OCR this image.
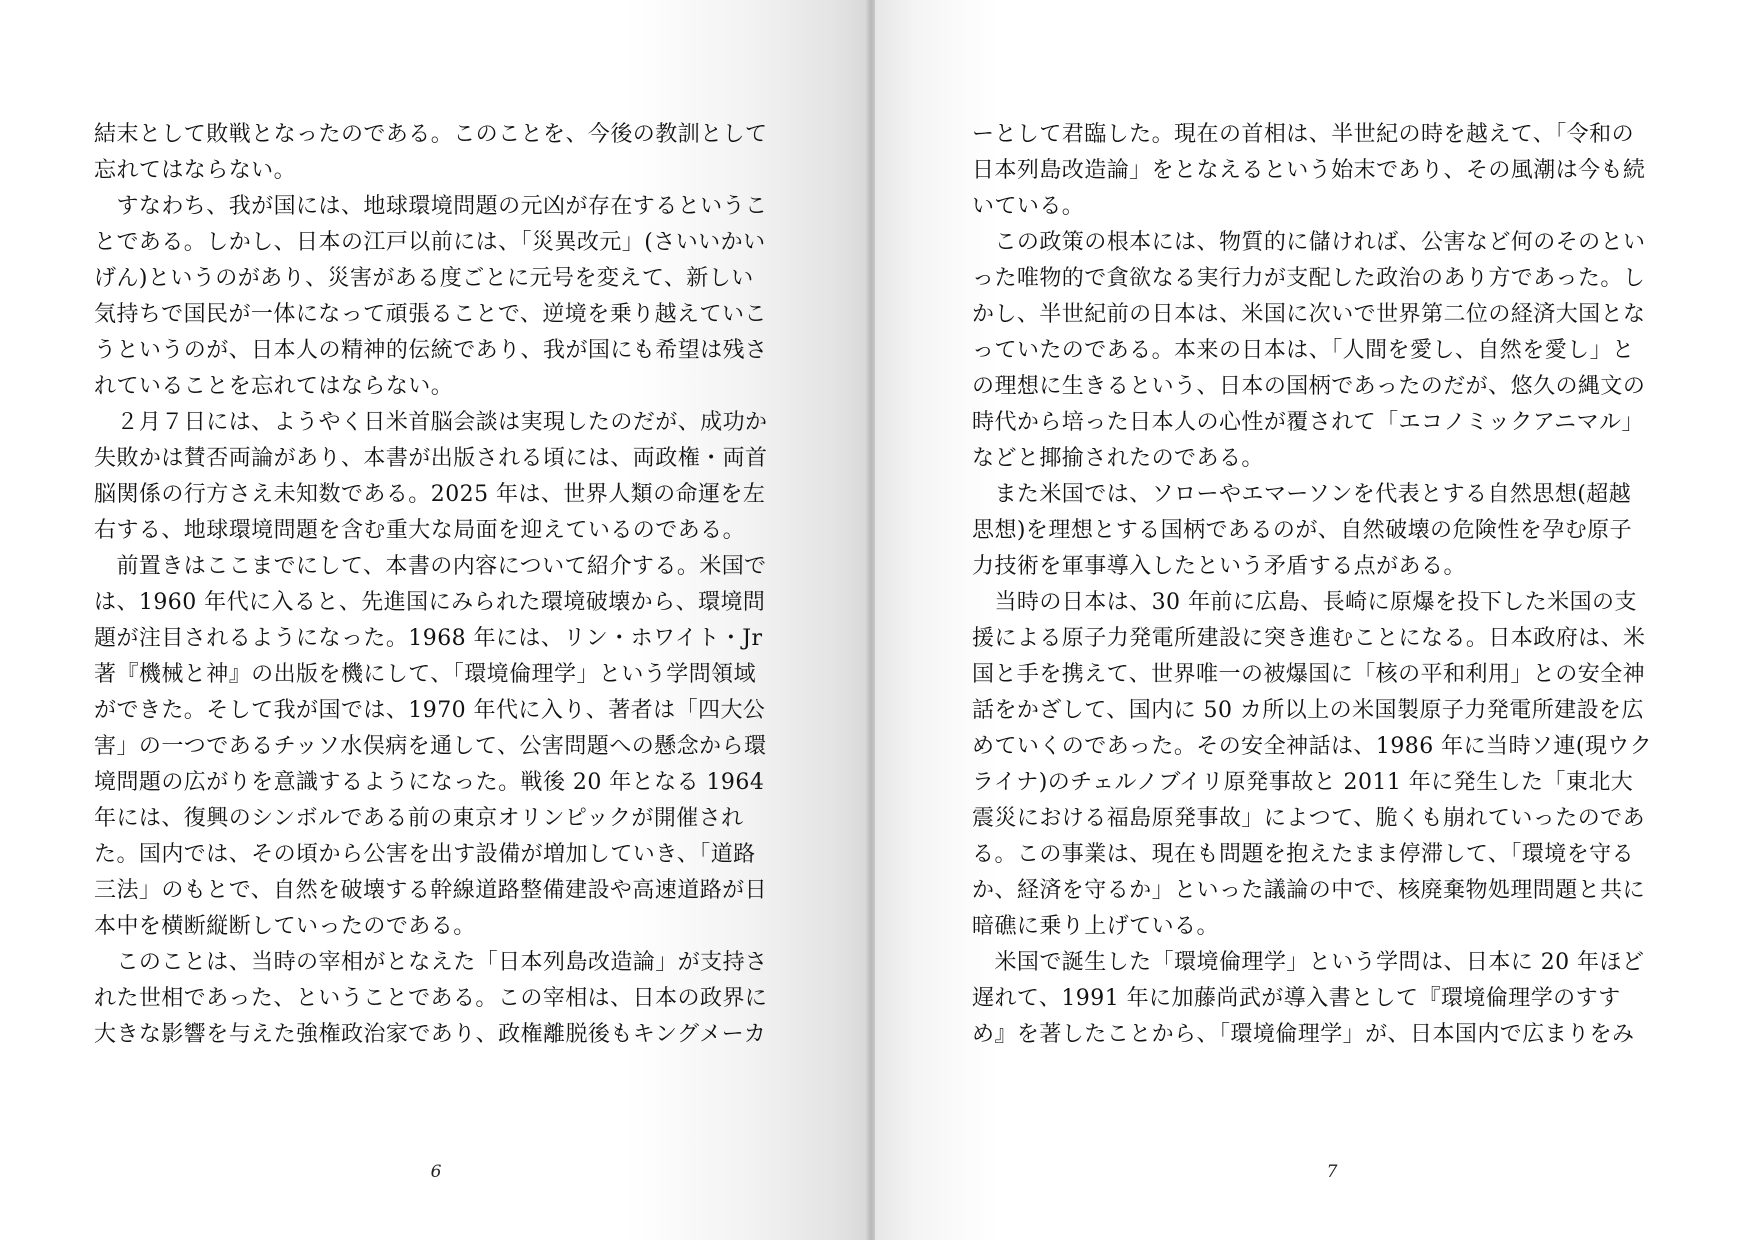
結末として敗戦となったのである。このことを、今後の教訓として
忘れてはならない。
　すなわち、我が国には、地球環境問題の元凶が存在するというこ
とである。しかし、日本の江戸以前には、「災異改元」(さいいかい
げん)というのがあり、災害がある度ごとに元号を変えて、新しい
気持ちで国民が一体になって頑張ることで、逆境を乗り越えていこ
うというのが、日本人の精神的伝統であり、我が国にも希望は残さ
れていることを忘れてはならない。
　２月７日には、ようやく日米首脳会談は実現したのだが、成功か
失敗かは賛否両論があり、本書が出版される頃には、両政権・両首
脳関係の行方さえ未知数である。2025 年は、世界人類の命運を左
右する、地球環境問題を含む重大な局面を迎えているのである。
　前置きはここまでにして、本書の内容について紹介する。米国で
は、1960 年代に入ると、先進国にみられた環境破壊から、環境問
題が注目されるようになった。1968 年には、リン・ホワイト・Jr
著『機械と神』の出版を機にして、「環境倫理学」という学問領域
ができた。そして我が国では、1970 年代に入り、著者は「四大公
害」の一つであるチッソ水俣病を通して、公害問題への懸念から環
境問題の広がりを意識するようになった。戦後 20 年となる 1964
年には、復興のシンボルである前の東京オリンピックが開催され
た。国内では、その頃から公害を出す設備が増加していき、「道路
三法」のもとで、自然を破壊する幹線道路整備建設や高速道路が日
本中を横断縦断していったのである。
　このことは、当時の宰相がとなえた「日本列島改造論」が支持さ
れた世相であった、ということである。この宰相は、日本の政界に
大きな影響を与えた強権政治家であり、政権離脱後もキングメーカ
6
ーとして君臨した。現在の首相は、半世紀の時を越えて、「令和の
日本列島改造論」をとなえるという始末であり、その風潮は今も続
いている。
　この政策の根本には、物質的に儲ければ、公害など何のそのとい
った唯物的で貪欲なる実行力が支配した政治のあり方であった。し
かし、半世紀前の日本は、米国に次いで世界第二位の経済大国とな
っていたのである。本来の日本は、「人間を愛し、自然を愛し」と
の理想に生きるという、日本の国柄であったのだが、悠久の縄文の
時代から培った日本人の心性が覆されて「エコノミックアニマル」
などと揶揄されたのである。
　また米国では、ソローやエマーソンを代表とする自然思想(超越
思想)を理想とする国柄であるのが、自然破壊の危険性を孕む原子
力技術を軍事導入したという矛盾する点がある。
　当時の日本は、30 年前に広島、長崎に原爆を投下した米国の支
援による原子力発電所建設に突き進むことになる。日本政府は、米
国と手を携えて、世界唯一の被爆国に「核の平和利用」との安全神
話をかざして、国内に 50 カ所以上の米国製原子力発電所建設を広
めていくのであった。その安全神話は、1986 年に当時ソ連(現ウク
ライナ)のチェルノブイリ原発事故と 2011 年に発生した「東北大
震災における福島原発事故」によつて、脆くも崩れていったのであ
る。この事業は、現在も問題を抱えたまま停滞して、「環境を守る
か、経済を守るか」といった議論の中で、核廃棄物処理問題と共に
暗礁に乗り上げている。
　米国で誕生した「環境倫理学」という学問は、日本に 20 年ほど
遅れて、1991 年に加藤尚武が導入書として『環境倫理学のすす
め』を著したことから、「環境倫理学」が、日本国内で広まりをみ
7
